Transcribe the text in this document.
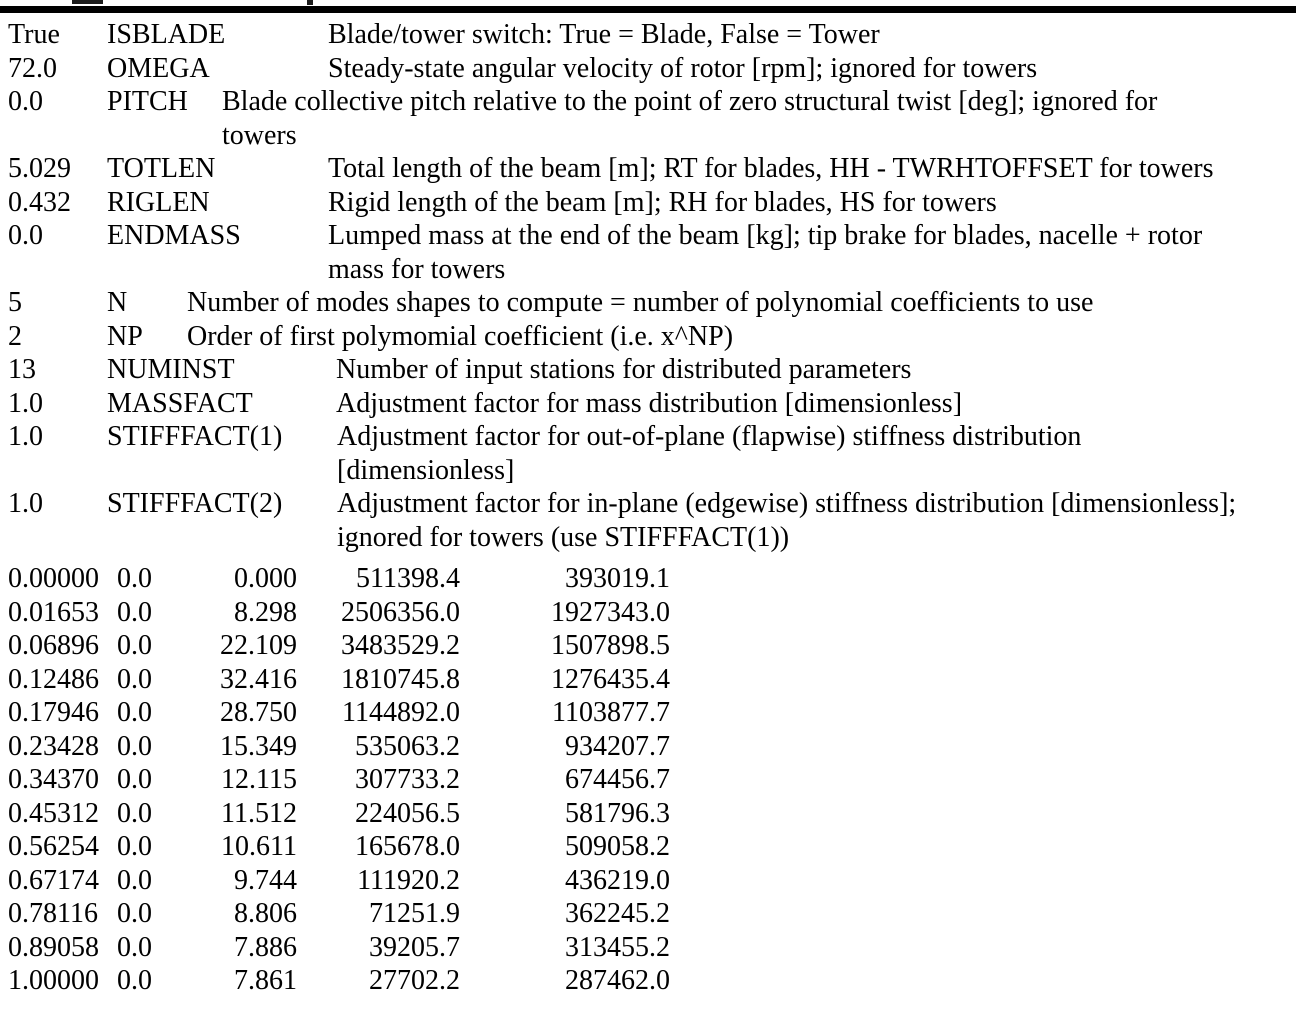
True ISBLADE	Blade/tower switch: True = Blade, False = Tower
72.0 OMEGA	Steady-state angular velocity of rotor [rpm]; ignored for towers
0.0 PITCH Blade collective pitch relative to the point of zero structural twist [deg]; ignored for
towers
5.029 TOTLEN	Total length of the beam [m]; RT for blades, HH - TWRHTOFFSET for towers
0.432 RIGLEN	Rigid length of the beam [m]; RH for blades, HS for towers
0.0 ENDMASS	Lumped mass at the end of the beam [kg]; tip brake for blades, nacelle + rotor
mass for towers
5	N Number of modes shapes to compute = number of polynomial coefficients to use
2	NP Order of first polymomial coefficient (i.e. x^NP)
13	NUMINST	Number of input stations for distributed parameters
1.0 MASSFACT	Adjustment factor for mass distribution [dimensionless]
1.0 STIFFFACT(1) Adjustment factor for out-of-plane (flapwise) stiffness distribution
[dimensionless]
1.0 STIFFFACT(2) Adjustment factor for in-plane (edgewise) stiffness distribution [dimensionless];
ignored for towers (use STIFFFACT(1))
0.00000 0.0	0.000	511398.4	393019.1
0.01653 0.0	8.298	2506356.0	1927343.0
0.06896 0.0	22.109	3483529.2	1507898.5
0.12486 0.0	32.416	1810745.8	1276435.4
0.17946 0.0	28.750	1144892.0	1103877.7
0.23428 0.0	15.349	535063.2	934207.7
0.34370 0.0	12.115	307733.2	674456.7
0.45312 0.0	11.512	224056.5	581796.3
0.56254 0.0	10.611	165678.0	509058.2
0.67174 0.0	9.744	111920.2	436219.0
0.78116 0.0	8.806	71251.9	362245.2
0.89058 0.0	7.886	39205.7	313455.2
1.00000 0.0	7.861	27702.2	287462.0
